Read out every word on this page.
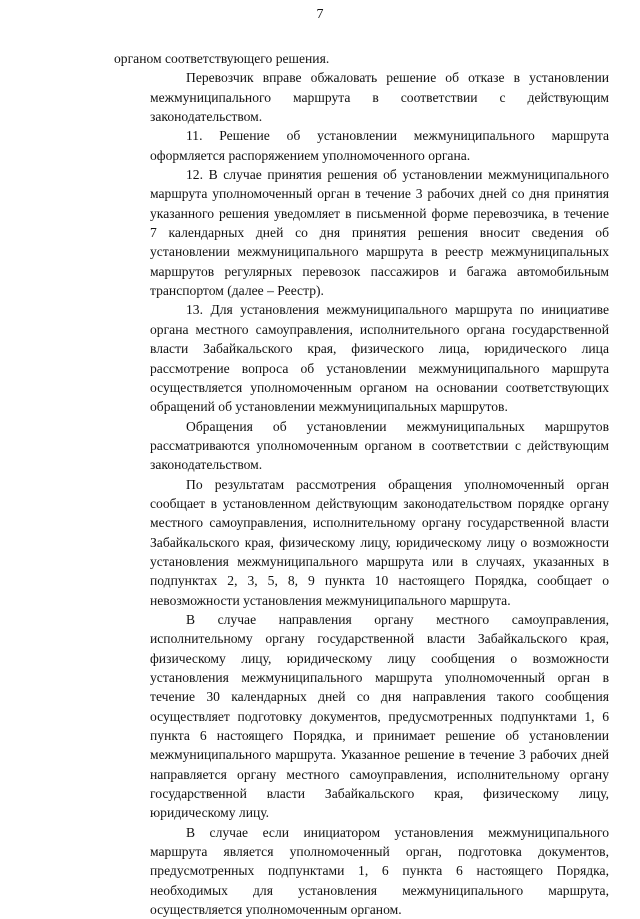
7
органом соответствующего решения.
Перевозчик вправе обжаловать решение об отказе в установлении
межмуниципального маршрута в соответствии с действующим
законодательством.
11. Решение об установлении межмуниципального маршрута
оформляется распоряжением уполномоченного органа.
12. В случае принятия решения об установлении межмуниципального
маршрута уполномоченный орган в течение 3 рабочих дней со дня принятия
указанного решения уведомляет в письменной форме перевозчика, в течение
7 календарных дней со дня принятия решения вносит сведения об
установлении межмуниципального маршрута в реестр межмуниципальных
маршрутов регулярных перевозок пассажиров и багажа автомобильным
транспортом (далее – Реестр).
13. Для установления межмуниципального маршрута по инициативе
органа местного самоуправления, исполнительного органа государственной
власти Забайкальского края, физического лица, юридического лица
рассмотрение вопроса об установлении межмуниципального маршрута
осуществляется уполномоченным органом на основании соответствующих
обращений об установлении межмуниципальных маршрутов.
Обращения об установлении межмуниципальных маршрутов
рассматриваются уполномоченным органом в соответствии с действующим
законодательством.
По результатам рассмотрения обращения уполномоченный орган
сообщает в установленном действующим законодательством порядке органу
местного самоуправления, исполнительному органу государственной власти
Забайкальского края, физическому лицу, юридическому лицу о возможности
установления межмуниципального маршрута или в случаях, указанных в
подпунктах 2, 3, 5, 8, 9 пункта 10 настоящего Порядка, сообщает о
невозможности установления межмуниципального маршрута.
В случае направления органу местного самоуправления,
исполнительному органу государственной власти Забайкальского края,
физическому лицу, юридическому лицу сообщения о возможности
установления межмуниципального маршрута уполномоченный орган в
течение 30 календарных дней со дня направления такого сообщения
осуществляет подготовку документов, предусмотренных подпунктами 1, 6
пункта 6 настоящего Порядка, и принимает решение об установлении
межмуниципального маршрута. Указанное решение в течение 3 рабочих дней
направляется органу местного самоуправления, исполнительному органу
государственной власти Забайкальского края, физическому лицу,
юридическому лицу.
В случае если инициатором установления межмуниципального
маршрута является уполномоченный орган, подготовка документов,
предусмотренных подпунктами 1, 6 пункта 6 настоящего Порядка,
необходимых для установления межмуниципального маршрута,
осуществляется уполномоченным органом.
